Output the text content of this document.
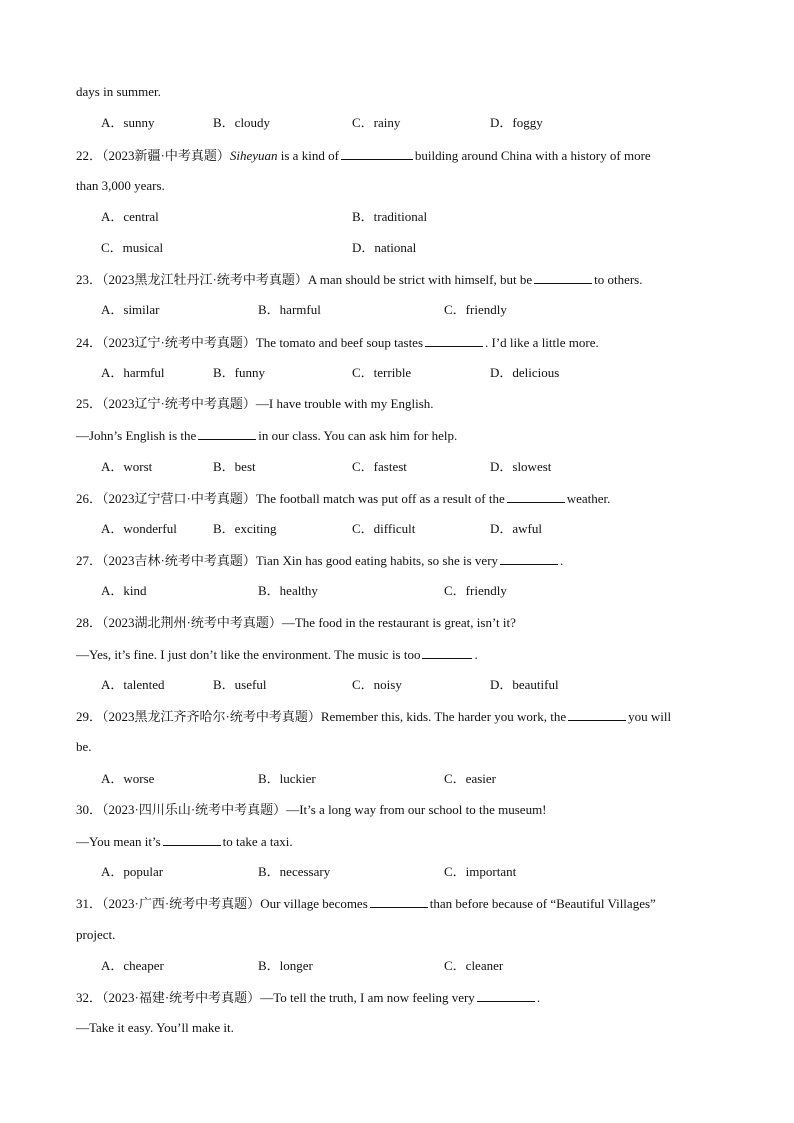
days in summer.
A．sunny	B．cloudy	C．rainy	D．foggy
22．（2023新疆·中考真题）Siheyuan is a kind of	building around China with a history of more
than 3,000 years.
A．central	B．traditional
C．musical	D．national
23．（2023黑龙江牡丹江·统考中考真题）A man should be strict with himself, but be	to others.
A．similar	B．harmful	C．friendly
24．（2023辽宁·统考中考真题）The tomato and beef soup tastes	. I’d like a little more.
A．harmful	B．funny	C．terrible	D．delicious
25．（2023辽宁·统考中考真题）—I have trouble with my English.
—John’s English is the	in our class. You can ask him for help.
A．worst	B．best	C．fastest	D．slowest
26．（2023辽宁营口·中考真题）The football match was put off as a result of the	weather.
A．wonderful	B．exciting	C．difficult	D．awful
27．（2023吉林·统考中考真题）Tian Xin has good eating habits, so she is very	.
A．kind	B．healthy	C．friendly
28．（2023湖北荆州·统考中考真题）—The food in the restaurant is great, isn’t it?
—Yes, it’s fine. I just don’t like the environment. The music is too	.
A．talented	B．useful	C．noisy	D．beautiful
29．（2023黑龙江齐齐哈尔·统考中考真题）Remember this, kids. The harder you work, the	you will
be.
A．worse	B．luckier	C．easier
30．（2023·四川乐山·统考中考真题）—It’s a long way from our school to the museum!
—You mean it’s	to take a taxi.
A．popular	B．necessary	C．important
31．（2023·广西·统考中考真题）Our village becomes	than before because of “Beautiful Villages”
project.
A．cheaper	B．longer	C．cleaner
32．（2023·福建·统考中考真题）—To tell the truth, I am now feeling very	.
—Take it easy. You’ll make it.
